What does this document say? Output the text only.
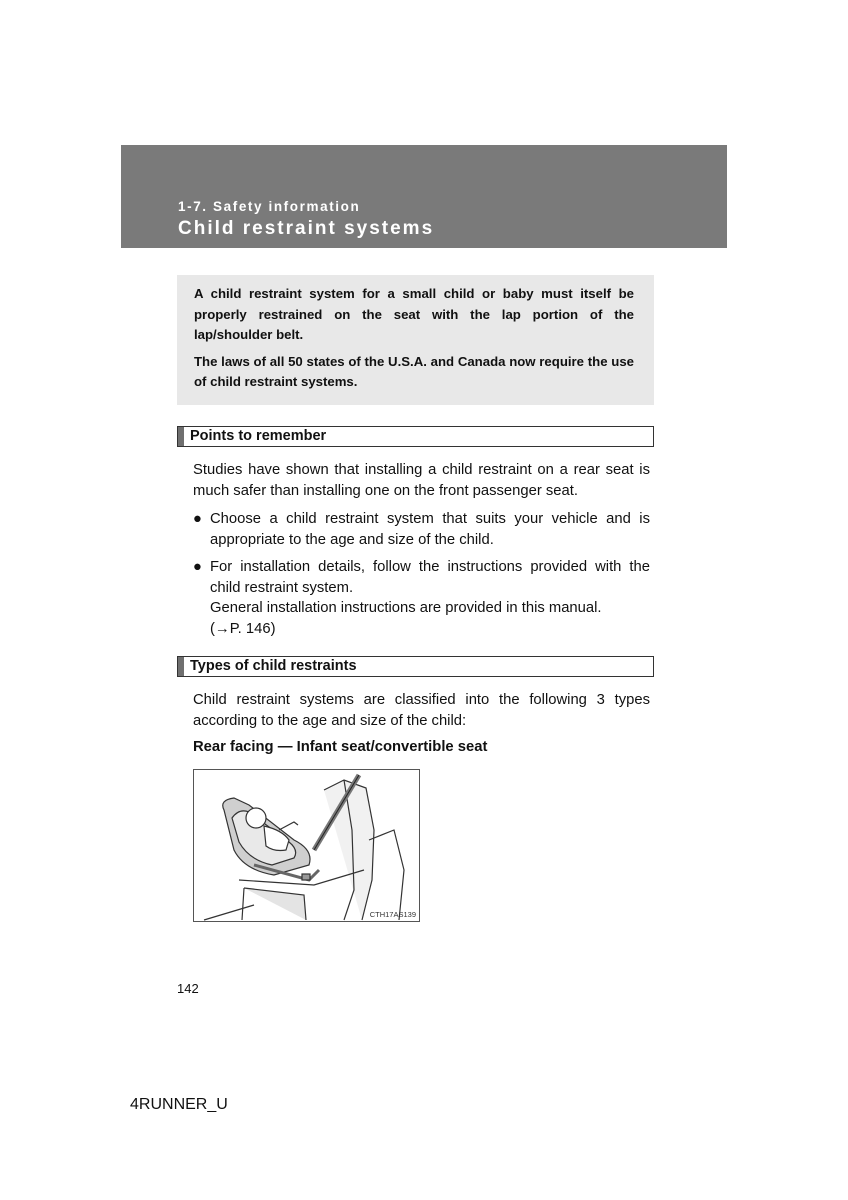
1-7. Safety information
Child restraint systems

A child restraint system for a small child or baby must itself be properly restrained on the seat with the lap portion of the lap/shoulder belt.

The laws of all 50 states of the U.S.A. and Canada now require the use of child restraint systems.

Points to remember
Studies have shown that installing a child restraint on a rear seat is much safer than installing one on the front passenger seat.
● Choose a child restraint system that suits your vehicle and is appropriate to the age and size of the child.
● For installation details, follow the instructions provided with the child restraint system.
General installation instructions are provided in this manual.
(→P. 146)
Types of child restraints
Child restraint systems are classified into the following 3 types according to the age and size of the child:
Rear facing — Infant seat/convertible seat
CTH17AS139
142
4RUNNER_U
